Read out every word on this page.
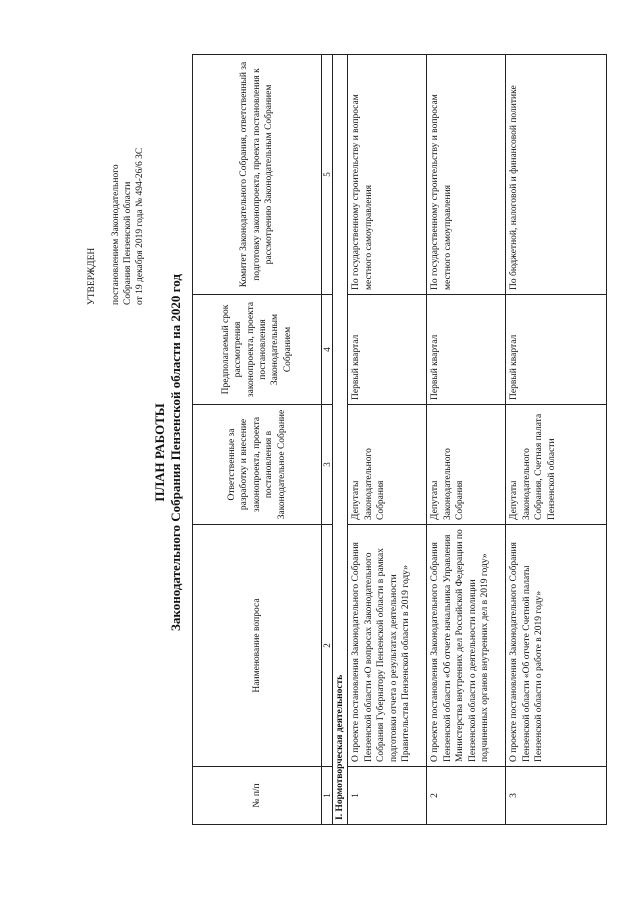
УТВЕРЖДЕН постановлением Законодательного Собрания Пензенской области от 19 декабря 2019 года № 494-26/6 ЗС
ПЛАН РАБОТЫ Законодательного Собрания Пензенской области на 2020 год
№ п/п	Наименование вопроса	Ответственные за разработку и внесение законопроекта, проекта постановления в Законодательное Собрание	Предполагаемый срок рассмотрения законопроекта, проекта постановления Законодательным Собранием	Комитет Законодательного Собрания, ответственный за подготовку законопроекта, проекта постановления к рассмотрению Законодательным Собранием
1	2	3	4	5
I. Нормотворческая деятельность				
1	О проекте постановления Законодательного Собрания Пензенской области «О вопросах Законодательного Собрания Губернатору Пензенской области в рамках подготовки отчета о результатах деятельности Правительства Пензенской области в 2019 году»	Депутаты Законодательного Собрания	Первый квартал	По государственному строительству и вопросам местного самоуправления
2	О проекте постановления Законодательного Собрания Пензенской области «Об отчете начальника Управления Министерства внутренних дел Российской Федерации по Пензенской области о деятельности полиции подчиненных органов внутренних дел в 2019 году»	Депутаты Законодательного Собрания	Первый квартал	По государственному строительству и вопросам местного самоуправления
3	О проекте постановления Законодательного Собрания Пензенской области «Об отчете Счетной палаты Пензенской области о работе в 2019 году»	Депутаты Законодательного Собрания, Счетная палата Пензенской области	Первый квартал	По бюджетной, налоговой и финансовой политике
